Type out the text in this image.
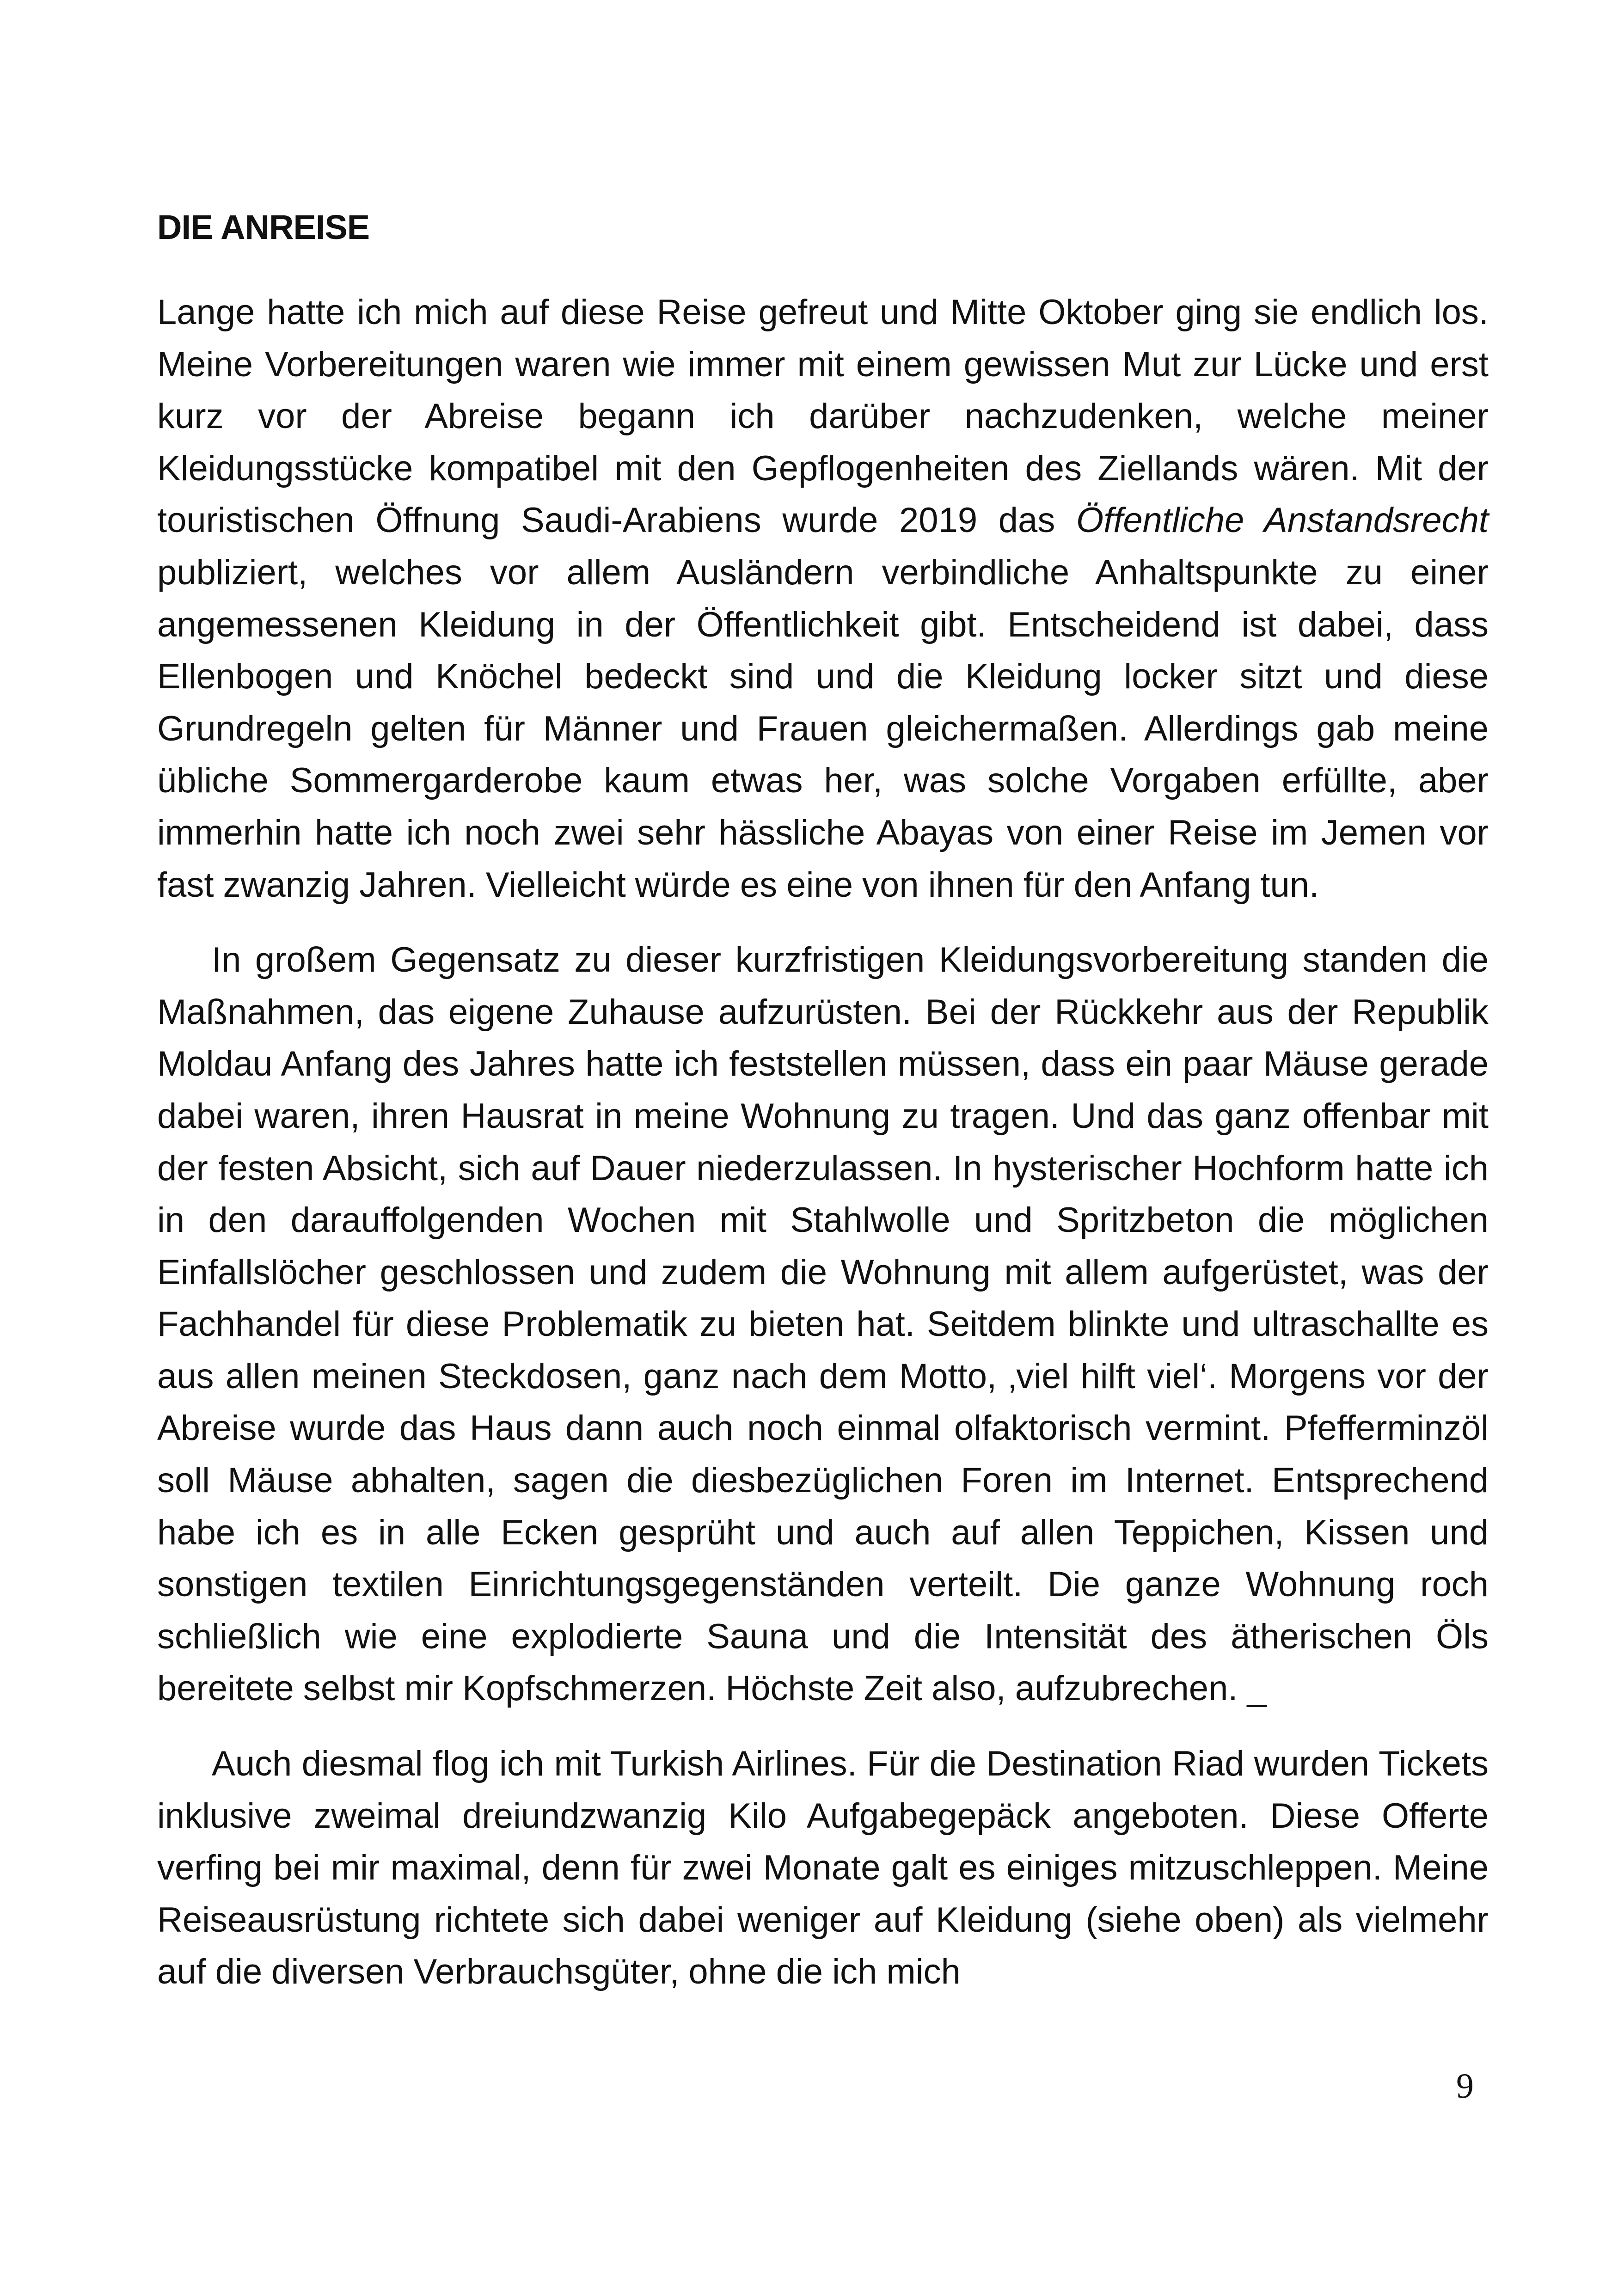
DIE ANREISE

Lange hatte ich mich auf diese Reise gefreut und Mitte Oktober ging sie endlich los. Meine Vorbereitungen waren wie immer mit einem gewissen Mut zur Lücke und erst kurz vor der Abreise begann ich darüber nachzudenken, welche meiner Kleidungsstücke kompatibel mit den Gepflogenheiten des Ziellands wären. Mit der touristischen Öffnung Saudi-Arabiens wurde 2019 das Öffentliche Anstandsrecht publiziert, welches vor allem Ausländern verbindliche Anhaltspunkte zu einer angemessenen Kleidung in der Öffentlichkeit gibt. Entscheidend ist dabei, dass Ellenbogen und Knöchel bedeckt sind und die Kleidung locker sitzt und diese Grundregeln gelten für Männer und Frauen gleichermaßen. Allerdings gab meine übliche Sommergarderobe kaum etwas her, was solche Vorgaben erfüllte, aber immerhin hatte ich noch zwei sehr hässliche Abayas von einer Reise im Jemen vor fast zwanzig Jahren. Vielleicht würde es eine von ihnen für den Anfang tun.

In großem Gegensatz zu dieser kurzfristigen Kleidungsvorbereitung standen die Maßnahmen, das eigene Zuhause aufzurüsten. Bei der Rückkehr aus der Republik Moldau Anfang des Jahres hatte ich feststellen müssen, dass ein paar Mäuse gerade dabei waren, ihren Hausrat in meine Wohnung zu tragen. Und das ganz offenbar mit der festen Absicht, sich auf Dauer niederzulassen. In hysterischer Hochform hatte ich in den darauffolgenden Wochen mit Stahlwolle und Spritzbeton die möglichen Einfallslöcher geschlossen und zudem die Wohnung mit allem aufgerüstet, was der Fachhandel für diese Problematik zu bieten hat. Seitdem blinkte und ultraschallte es aus allen meinen Steckdosen, ganz nach dem Motto, ‚viel hilft viel‘. Morgens vor der Abreise wurde das Haus dann auch noch einmal olfaktorisch vermint. Pfefferminzöl soll Mäuse abhalten, sagen die diesbezüglichen Foren im Internet. Entsprechend habe ich es in alle Ecken gesprüht und auch auf allen Teppichen, Kissen und sonstigen textilen Einrichtungsgegenständen verteilt. Die ganze Wohnung roch schließlich wie eine explodierte Sauna und die Intensität des ätherischen Öls bereitete selbst mir Kopfschmerzen. Höchste Zeit also, aufzubrechen. _

Auch diesmal flog ich mit Turkish Airlines. Für die Destination Riad wurden Tickets inklusive zweimal dreiundzwanzig Kilo Aufgabegepäck angeboten. Diese Offerte verfing bei mir maximal, denn für zwei Monate galt es einiges mitzuschleppen. Meine Reiseausrüstung richtete sich dabei weniger auf Kleidung (siehe oben) als vielmehr auf die diversen Verbrauchsgüter, ohne die ich mich

9
